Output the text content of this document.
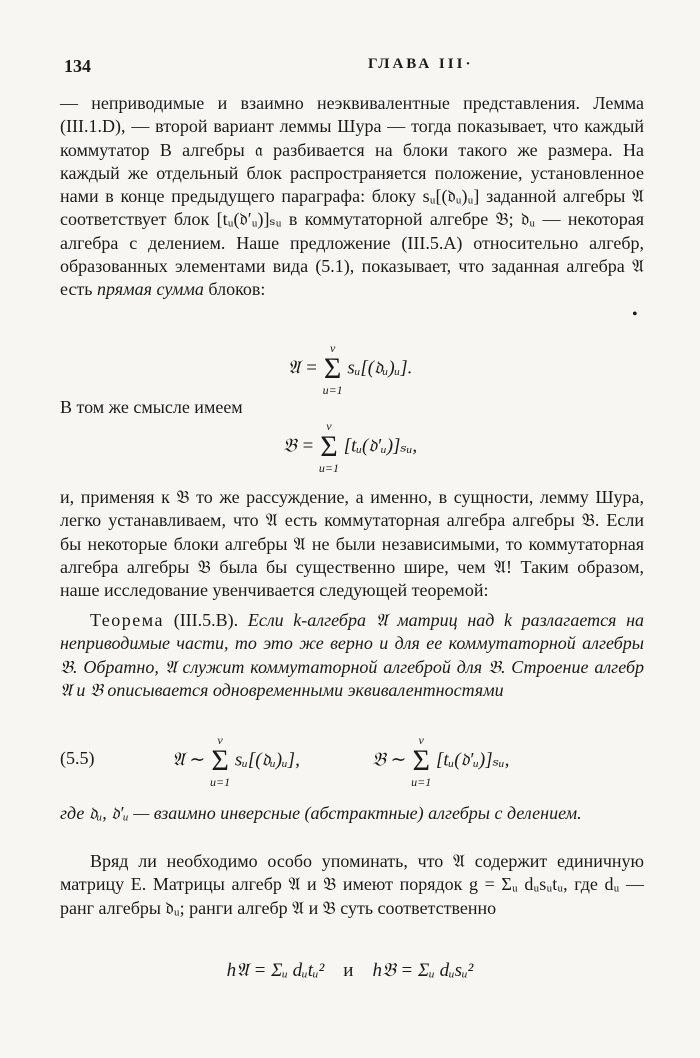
134	ГЛАВА III·
— неприводимые и взаимно неэквивалентные представления. Лемма (III.1.D), — второй вариант леммы Шура — тогда показывает, что каждый коммутатор B алгебры 𝔞 разбивается на блоки такого же размера. На каждый же отдельный блок распространяется положение, установленное нами в конце предыдущего параграфа: блоку sᵤ[(𝔡ᵤ)ᵤ] заданной алгебры 𝔄 соответствует блок [tᵤ(𝔡′ᵤ)]ₛᵤ в коммутаторной алгебре 𝔅; 𝔡ᵤ — некоторая алгебра с делением. Наше предложение (III.5.A) относительно алгебр, образованных элементами вида (5.1), показывает, что заданная алгебра 𝔄 есть прямая сумма блоков:
•
𝔄 =
v
Σ
u=1
sᵤ[(𝔡ᵤ)ᵤ].
В том же смысле имеем
𝔅 =
v
Σ
u=1
[tᵤ(𝔡′ᵤ)]ₛᵤ,
и, применяя к 𝔅 то же рассуждение, а именно, в сущности, лемму Шура, легко устанавливаем, что 𝔄 есть коммутаторная алгебра алгебры 𝔅. Если бы некоторые блоки алгебры 𝔄 не были независимыми, то коммутаторная алгебра алгебры 𝔅 была бы существенно шире, чем 𝔄! Таким образом, наше исследование увенчивается следующей теоремой:
Теорема (III.5.B). Если k-алгебра 𝔄 матриц над k разлагается на неприводимые части, то это же верно и для ее коммутаторной алгебры 𝔅. Обратно, 𝔄 служит коммутаторной алгеброй для 𝔅. Строение алгебр 𝔄 и 𝔅 описывается одновременными эквивалентностями
(5.5)	𝔄 ∼
v
Σ
u=1
sᵤ[(𝔡ᵤ)ᵤ],	𝔅 ∼
v
Σ
u=1
[tᵤ(𝔡′ᵤ)]ₛᵤ,
где 𝔡ᵤ, 𝔡′ᵤ — взаимно инверсные (абстрактные) алгебры с делением.
Вряд ли необходимо особо упоминать, что 𝔄 содержит единичную матрицу E. Матрицы алгебр 𝔄 и 𝔅 имеют порядок g = Σᵤ dᵤsᵤtᵤ, где dᵤ — ранг алгебры 𝔡ᵤ; ранги алгебр 𝔄 и 𝔅 суть соответственно
h𝔄 = Σᵤ dᵤtᵤ² и h𝔅 = Σᵤ dᵤsᵤ²
